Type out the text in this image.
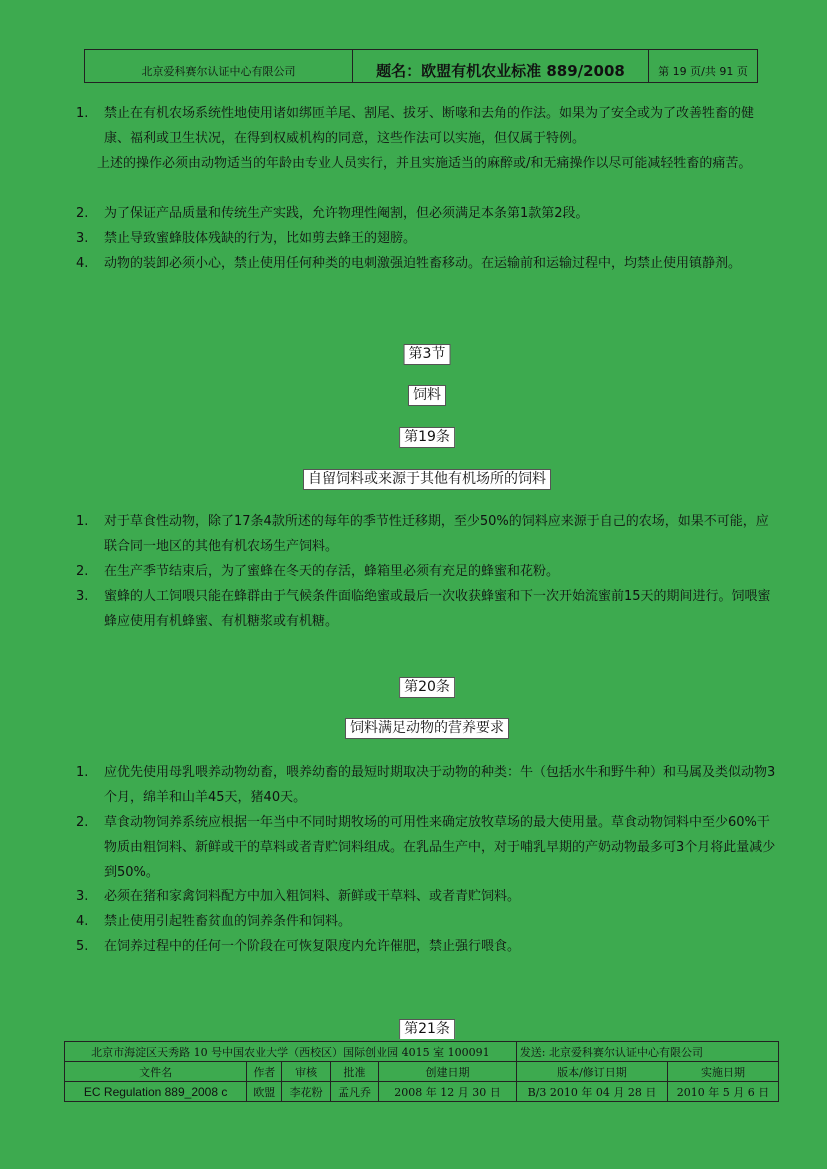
北京爱科赛尔认证中心有限公司	题名：欧盟有机农业标准 889/2008	第 19 页/共 91 页
1.	禁止在有机农场系统性地使用诸如绑匝羊尾、割尾、拔牙、断喙和去角的作法。如果为了安全或为了改善牲畜的健康、福利或卫生状况，在得到权威机构的同意，这些作法可以实施，但仅属于特例。
上述的操作必须由动物适当的年龄由专业人员实行，并且实施适当的麻醉或/和无痛操作以尽可能减轻牲畜的痛苦。
2.	为了保证产品质量和传统生产实践，允许物理性阉割，但必须满足本条第1款第2段。
3.	禁止导致蜜蜂肢体残缺的行为，比如剪去蜂王的翅膀。
4.	动物的装卸必须小心，禁止使用任何种类的电刺激强迫牲畜移动。在运输前和运输过程中，均禁止使用镇静剂。
第3节
饲料
第19条
自留饲料或来源于其他有机场所的饲料
1.	对于草食性动物，除了17条4款所述的每年的季节性迁移期，至少50%的饲料应来源于自己的农场，如果不可能，应联合同一地区的其他有机农场生产饲料。
2.	在生产季节结束后，为了蜜蜂在冬天的存活，蜂箱里必须有充足的蜂蜜和花粉。
3.	蜜蜂的人工饲喂只能在蜂群由于气候条件面临绝蜜或最后一次收获蜂蜜和下一次开始流蜜前15天的期间进行。饲喂蜜蜂应使用有机蜂蜜、有机糖浆或有机糖。
第20条
饲料满足动物的营养要求
1.	应优先使用母乳喂养动物幼畜，喂养幼畜的最短时期取决于动物的种类：牛（包括水牛和野牛种）和马属及类似动物3个月，绵羊和山羊45天，猪40天。
2.	草食动物饲养系统应根据一年当中不同时期牧场的可用性来确定放牧草场的最大使用量。草食动物饲料中至少60%干物质由粗饲料、新鲜或干的草料或者青贮饲料组成。在乳品生产中，对于哺乳早期的产奶动物最多可3个月将此量减少到50%。
3.	必须在猪和家禽饲料配方中加入粗饲料、新鲜或干草料、或者青贮饲料。
4.	禁止使用引起牲畜贫血的饲养条件和饲料。
5.	在饲养过程中的任何一个阶段在可恢复限度内允许催肥，禁止强行喂食。
第21条
北京市海淀区天秀路 10 号中国农业大学（西校区）国际创业园 4015 室 100091					发送: 北京爱科赛尔认证中心有限公司	
文件名	作者	审核	批准	创建日期	版本/修订日期	实施日期
EC Regulation 889_2008 c	欧盟	李花粉	孟凡乔	2008 年 12 月 30 日	B/3 2010 年 04 月 28 日	2010 年 5 月 6 日
